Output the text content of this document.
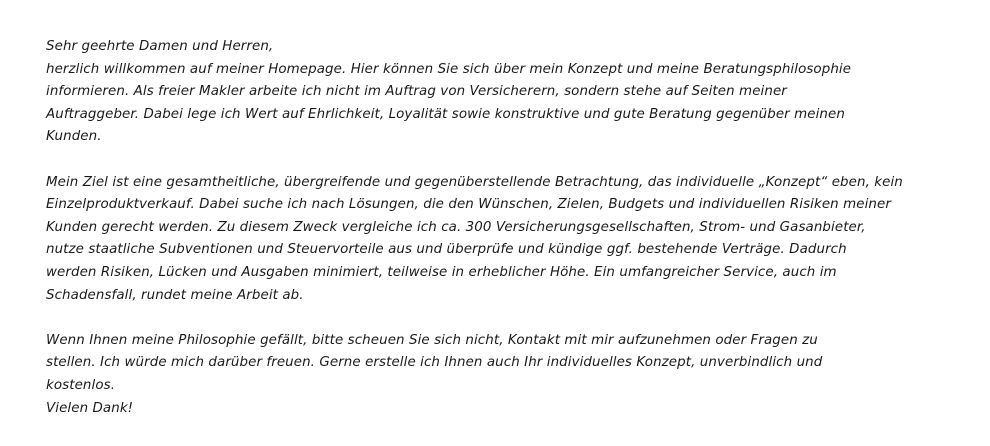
Sehr geehrte Damen und Herren,
herzlich willkommen auf meiner Homepage. Hier können Sie sich über mein Konzept und meine Beratungsphilosophie
informieren. Als freier Makler arbeite ich nicht im Auftrag von Versicherern, sondern stehe auf Seiten meiner
Auftraggeber. Dabei lege ich Wert auf Ehrlichkeit, Loyalität sowie konstruktive und gute Beratung gegenüber meinen
Kunden.
Mein Ziel ist eine gesamtheitliche, übergreifende und gegenüberstellende Betrachtung, das individuelle „Konzept“ eben, kein
Einzelproduktverkauf. Dabei suche ich nach Lösungen, die den Wünschen, Zielen, Budgets und individuellen Risiken meiner
Kunden gerecht werden. Zu diesem Zweck vergleiche ich ca. 300 Versicherungsgesellschaften, Strom- und Gasanbieter,
nutze staatliche Subventionen und Steuervorteile aus und überprüfe und kündige ggf. bestehende Verträge. Dadurch
werden Risiken, Lücken und Ausgaben minimiert, teilweise in erheblicher Höhe. Ein umfangreicher Service, auch im
Schadensfall, rundet meine Arbeit ab.
Wenn Ihnen meine Philosophie gefällt, bitte scheuen Sie sich nicht, Kontakt mit mir aufzunehmen oder Fragen zu
stellen. Ich würde mich darüber freuen. Gerne erstelle ich Ihnen auch Ihr individuelles Konzept, unverbindlich und
kostenlos.
Vielen Dank!
